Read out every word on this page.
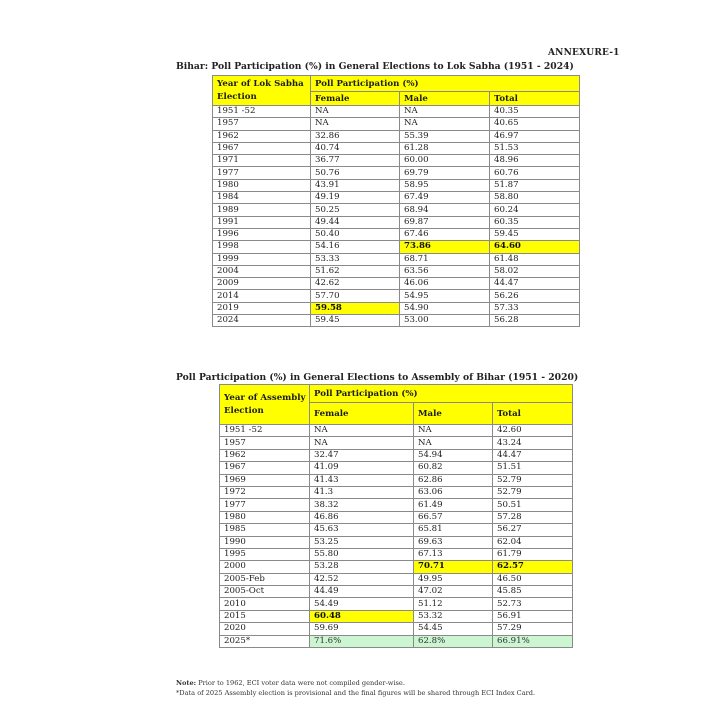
ANNEXURE-1
Bihar: Poll Participation (%) in General Elections to Lok Sabha (1951 - 2024)
Year of Lok Sabha Election	Poll Participation (%)		
	Female	Male	Total
1951 -52	NA	NA	40.35
1957	NA	NA	40.65
1962	32.86	55.39	46.97
1967	40.74	61.28	51.53
1971	36.77	60.00	48.96
1977	50.76	69.79	60.76
1980	43.91	58.95	51.87
1984	49.19	67.49	58.80
1989	50.25	68.94	60.24
1991	49.44	69.87	60.35
1996	50.40	67.46	59.45
1998	54.16	73.86	64.60
1999	53.33	68.71	61.48
2004	51.62	63.56	58.02
2009	42.62	46.06	44.47
2014	57.70	54.95	56.26
2019	59.58	54.90	57.33
2024	59.45	53.00	56.28
Poll Participation (%) in General Elections to Assembly of Bihar (1951 - 2020)
Year of Assembly Election	Poll Participation (%)		
	Female	Male	Total
1951 -52	NA	NA	42.60
1957	NA	NA	43.24
1962	32.47	54.94	44.47
1967	41.09	60.82	51.51
1969	41.43	62.86	52.79
1972	41.3	63.06	52.79
1977	38.32	61.49	50.51
1980	46.86	66.57	57.28
1985	45.63	65.81	56.27
1990	53.25	69.63	62.04
1995	55.80	67.13	61.79
2000	53.28	70.71	62.57
2005-Feb	42.52	49.95	46.50
2005-Oct	44.49	47.02	45.85
2010	54.49	51.12	52.73
2015	60.48	53.32	56.91
2020	59.69	54.45	57.29
2025*	71.6%	62.8%	66.91%
Note: Prior to 1962, ECI voter data were not compiled gender-wise.
*Data of 2025 Assembly election is provisional and the final figures will be shared through ECI Index Card.
